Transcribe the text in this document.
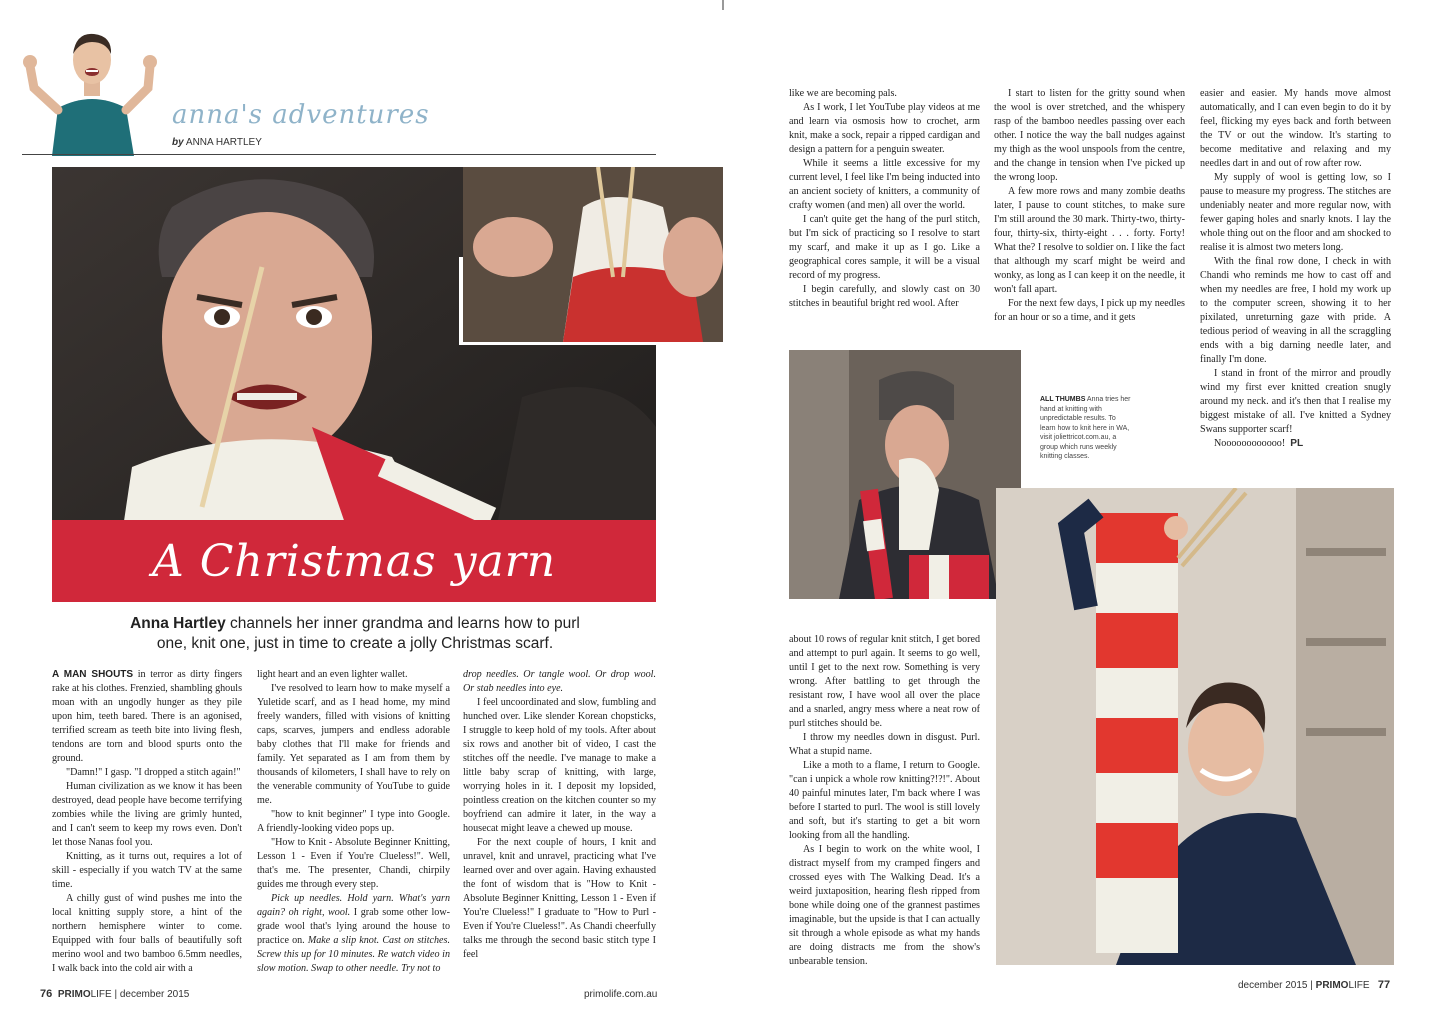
anna's adventures
by ANNA HARTLEY
A Christmas yarn
Anna Hartley channels her inner grandma and learns how to purl
one, knit one, just in time to create a jolly Christmas scarf.

A MAN SHOUTS in terror as dirty fingers rake at his clothes. Frenzied, shambling ghouls moan with an ungodly hunger as they pile upon him, teeth bared. There is an agonised, terrified scream as teeth bite into living flesh, tendons are torn and blood spurts onto the ground.

"Damn!" I gasp. "I dropped a stitch again!"

Human civilization as we know it has been destroyed, dead people have become terrifying zombies while the living are grimly hunted, and I can't seem to keep my rows even. Don't let those Nanas fool you.

Knitting, as it turns out, requires a lot of skill - especially if you watch TV at the same time.

A chilly gust of wind pushes me into the local knitting supply store, a hint of the northern hemisphere winter to come. Equipped with four balls of beautifully soft merino wool and two bamboo 6.5mm needles, I walk back into the cold air with a

light heart and an even lighter wallet.

I've resolved to learn how to make myself a Yuletide scarf, and as I head home, my mind freely wanders, filled with visions of knitting caps, scarves, jumpers and endless adorable baby clothes that I'll make for friends and family. Yet separated as I am from them by thousands of kilometers, I shall have to rely on the venerable community of YouTube to guide me.

"how to knit beginner" I type into Google. A friendly-looking video pops up.

"How to Knit - Absolute Beginner Knitting, Lesson 1 - Even if You're Clueless!". Well, that's me. The presenter, Chandi, chirpily guides me through every step.

Pick up needles. Hold yarn. What's yarn again? oh right, wool. I grab some other low-grade wool that's lying around the house to practice on. Make a slip knot. Cast on stitches. Screw this up for 10 minutes. Re watch video in slow motion. Swap to other needle. Try not to

drop needles. Or tangle wool. Or drop wool. Or stab needles into eye.

I feel uncoordinated and slow, fumbling and hunched over. Like slender Korean chopsticks, I struggle to keep hold of my tools. After about six rows and another bit of video, I cast the stitches off the needle. I've manage to make a little baby scrap of knitting, with large, worrying holes in it. I deposit my lopsided, pointless creation on the kitchen counter so my boyfriend can admire it later, in the way a housecat might leave a chewed up mouse.

For the next couple of hours, I knit and unravel, knit and unravel, practicing what I've learned over and over again. Having exhausted the font of wisdom that is "How to Knit - Absolute Beginner Knitting, Lesson 1 - Even if You're Clueless!" I graduate to "How to Purl - Even if You're Clueless!". As Chandi cheerfully talks me through the second basic stitch type I feel

76 PRIMOLIFE | december 2015	primolife.com.au

like we are becoming pals.

As I work, I let YouTube play videos at me and learn via osmosis how to crochet, arm knit, make a sock, repair a ripped cardigan and design a pattern for a penguin sweater.

While it seems a little excessive for my current level, I feel like I'm being inducted into an ancient society of knitters, a community of crafty women (and men) all over the world.

I can't quite get the hang of the purl stitch, but I'm sick of practicing so I resolve to start my scarf, and make it up as I go. Like a geographical cores sample, it will be a visual record of my progress.

I begin carefully, and slowly cast on 30 stitches in beautiful bright red wool. After

I start to listen for the gritty sound when the wool is over stretched, and the whispery rasp of the bamboo needles passing over each other. I notice the way the ball nudges against my thigh as the wool unspools from the centre, and the change in tension when I've picked up the wrong loop.

A few more rows and many zombie deaths later, I pause to count stitches, to make sure I'm still around the 30 mark. Thirty-two, thirty-four, thirty-six, thirty-eight . . . forty. Forty! What the? I resolve to soldier on. I like the fact that although my scarf might be weird and wonky, as long as I can keep it on the needle, it won't fall apart.

For the next few days, I pick up my needles for an hour or so a time, and it gets

easier and easier. My hands move almost automatically, and I can even begin to do it by feel, flicking my eyes back and forth between the TV or out the window. It's starting to become meditative and relaxing and my needles dart in and out of row after row.

My supply of wool is getting low, so I pause to measure my progress. The stitches are undeniably neater and more regular now, with fewer gaping holes and snarly knots. I lay the whole thing out on the floor and am shocked to realise it is almost two meters long.

With the final row done, I check in with Chandi who reminds me how to cast off and when my needles are free, I hold my work up to the computer screen, showing it to her pixilated, unreturning gaze with pride. A tedious period of weaving in all the scraggling ends with a big darning needle later, and finally I'm done.

I stand in front of the mirror and proudly wind my first ever knitted creation snugly around my neck. and it's then that I realise my biggest mistake of all. I've knitted a Sydney Swans supporter scarf!

Noooooooooooo! PL

ALL THUMBS Anna tries her hand at knitting with unpredictable results. To learn how to knit here in WA, visit joliettricot.com.au, a group which runs weekly knitting classes.

about 10 rows of regular knit stitch, I get bored and attempt to purl again. It seems to go well, until I get to the next row. Something is very wrong. After battling to get through the resistant row, I have wool all over the place and a snarled, angry mess where a neat row of purl stitches should be.

I throw my needles down in disgust. Purl. What a stupid name.

Like a moth to a flame, I return to Google. "can i unpick a whole row knitting?!?!". About 40 painful minutes later, I'm back where I was before I started to purl. The wool is still lovely and soft, but it's starting to get a bit worn looking from all the handling.

As I begin to work on the white wool, I distract myself from my cramped fingers and crossed eyes with The Walking Dead. It's a weird juxtaposition, hearing flesh ripped from bone while doing one of the grannest pastimes imaginable, but the upside is that I can actually sit through a whole episode as what my hands are doing distracts me from the show's unbearable tension.

december 2015 | PRIMOLIFE 77
